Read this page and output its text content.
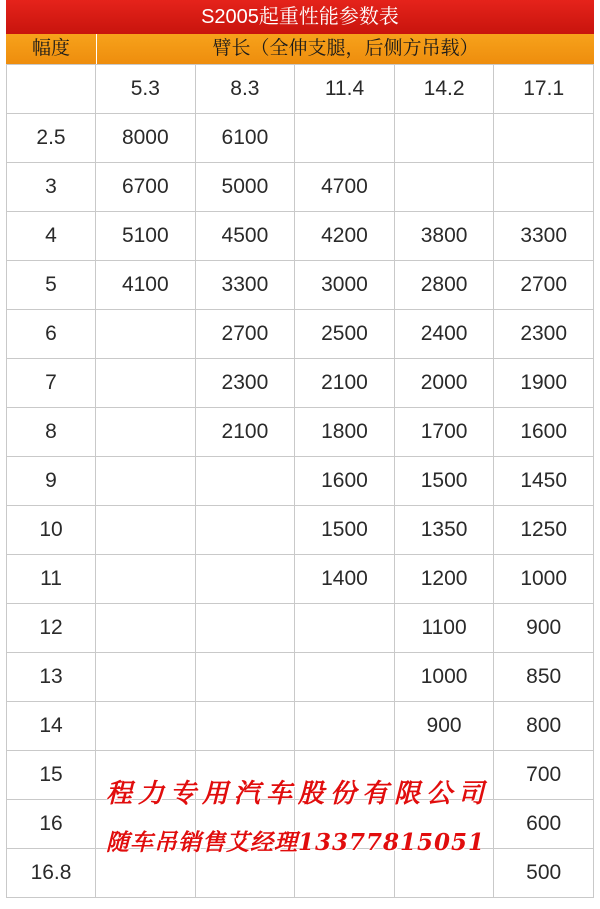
S2005起重性能参数表
幅度	臂长（全伸支腿，后侧方吊载）
	5.3	8.3	11.4	14.2	17.1
2.5	8000	6100			
3	6700	5000	4700		
4	5100	4500	4200	3800	3300
5	4100	3300	3000	2800	2700
6		2700	2500	2400	2300
7		2300	2100	2000	1900
8		2100	1800	1700	1600
9			1600	1500	1450
10			1500	1350	1250
11			1400	1200	1000
12				1100	900
13				1000	850
14				900	800
15					700
16					600
16.8					500
程力专用汽车股份有限公司
随车吊销售艾经理13377815051
